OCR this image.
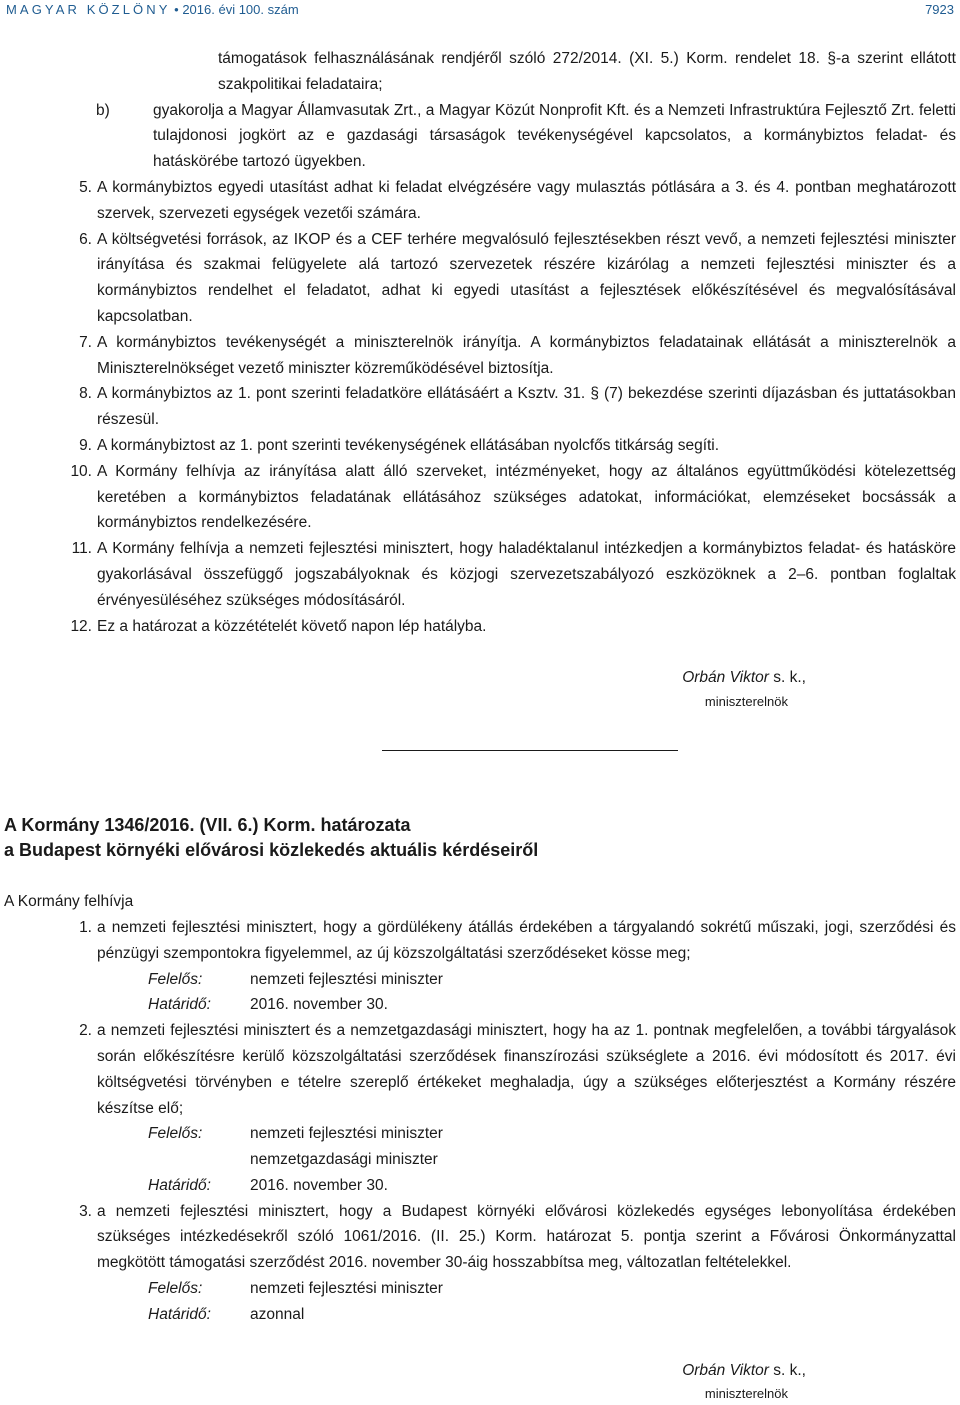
MAGYAR KÖZLÖNY • 2016. évi 100. szám	7923

támogatások felhasználásának rendjéről szóló 272/2014. (XI. 5.) Korm. rendelet 18. §-a szerint ellátott szakpolitikai feladataira;

b)	gyakorolja a Magyar Államvasutak Zrt., a Magyar Közút Nonprofit Kft. és a Nemzeti Infrastruktúra Fejlesztő Zrt. feletti tulajdonosi jogkört az e gazdasági társaságok tevékenységével kapcsolatos, a kormánybiztos feladat- és hatáskörébe tartozó ügyekben.
5. A kormánybiztos egyedi utasítást adhat ki feladat elvégzésére vagy mulasztás pótlására a 3. és 4. pontban meghatározott szervek, szervezeti egységek vezetői számára.
6. A költségvetési források, az IKOP és a CEF terhére megvalósuló fejlesztésekben részt vevő, a nemzeti fejlesztési miniszter irányítása és szakmai felügyelete alá tartozó szervezetek részére kizárólag a nemzeti fejlesztési miniszter és a kormánybiztos rendelhet el feladatot, adhat ki egyedi utasítást a fejlesztések előkészítésével és megvalósításával kapcsolatban.
7. A kormánybiztos tevékenységét a miniszterelnök irányítja. A kormánybiztos feladatainak ellátását a miniszterelnök a Miniszterelnökséget vezető miniszter közreműködésével biztosítja.
8. A kormánybiztos az 1. pont szerinti feladatköre ellátásáért a Ksztv. 31. § (7) bekezdése szerinti díjazásban és juttatásokban részesül.
9. A kormánybiztost az 1. pont szerinti tevékenységének ellátásában nyolcfős titkárság segíti.
10. A Kormány felhívja az irányítása alatt álló szerveket, intézményeket, hogy az általános együttműködési kötelezettség keretében a kormánybiztos feladatának ellátásához szükséges adatokat, információkat, elemzéseket bocsássák a kormánybiztos rendelkezésére.
11. A Kormány felhívja a nemzeti fejlesztési minisztert, hogy haladéktalanul intézkedjen a kormánybiztos feladat- és hatásköre gyakorlásával összefüggő jogszabályoknak és közjogi szervezetszabályozó eszközöknek a 2–6. pontban foglaltak érvényesüléséhez szükséges módosításáról.
12. Ez a határozat a közzétételét követő napon lép hatályba.
Orbán Viktor s. k.,
miniszterelnök
A Kormány 1346/2016. (VII. 6.) Korm. határozata
a Budapest környéki elővárosi közlekedés aktuális kérdéseiről

A Kormány felhívja

1. a nemzeti fejlesztési minisztert, hogy a gördülékeny átállás érdekében a tárgyalandó sokrétű műszaki, jogi, szerződési és pénzügyi szempontokra figyelemmel, az új közszolgáltatási szerződéseket kösse meg;
Felelős:	nemzeti fejlesztési miniszter
Határidő:	2016. november 30.
2. a nemzeti fejlesztési minisztert és a nemzetgazdasági minisztert, hogy ha az 1. pontnak megfelelően, a további tárgyalások során előkészítésre kerülő közszolgáltatási szerződések finanszírozási szükséglete a 2016. évi módosított és 2017. évi költségvetési törvényben e tételre szereplő értékeket meghaladja, úgy a szükséges előterjesztést a Kormány részére készítse elő;
Felelős:	nemzeti fejlesztési miniszter
nemzetgazdasági miniszter
Határidő:	2016. november 30.
3. a nemzeti fejlesztési minisztert, hogy a Budapest környéki elővárosi közlekedés egységes lebonyolítása érdekében szükséges intézkedésekről szóló 1061/2016. (II. 25.) Korm. határozat 5. pontja szerint a Fővárosi Önkormányzattal megkötött támogatási szerződést 2016. november 30-áig hosszabbítsa meg, változatlan feltételekkel.
Felelős:	nemzeti fejlesztési miniszter
Határidő:	azonnal
Orbán Viktor s. k.,
miniszterelnök
